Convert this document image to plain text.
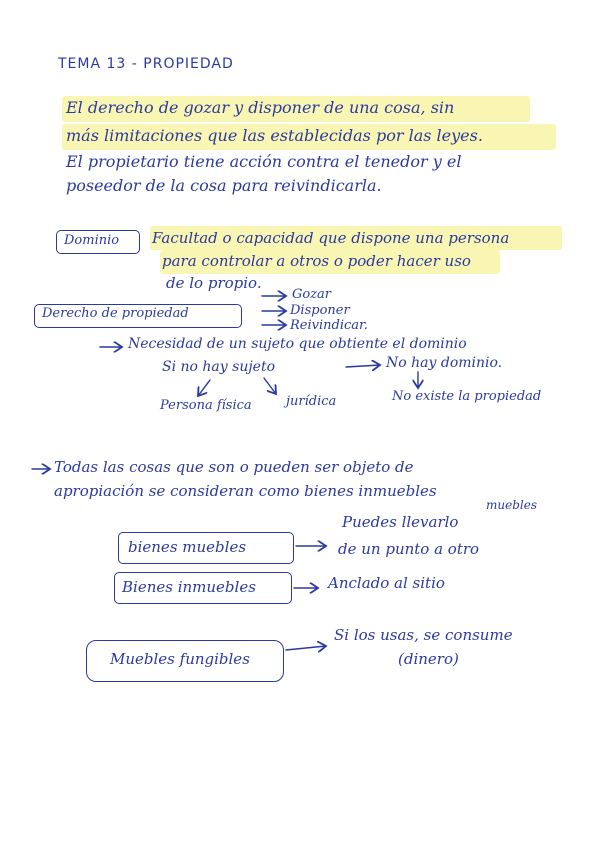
TEMA 13 - PROPIEDAD
El derecho de gozar y disponer de una cosa, sin
más limitaciones que las establecidas por las leyes.
El propietario tiene acción contra el tenedor y el
poseedor de la cosa para reivindicarla.
Dominio Facultad o capacidad que dispone una persona
para controlar a otros o poder hacer uso
de lo propio.
Derecho de propiedad
Gozar
Disponer
Reivindicar.
Necesidad de un sujeto que obtiente el dominio
Si no hay sujeto	No hay dominio.
Persona física	jurídica	No existe la propiedad
Todas las cosas que son o pueden ser objeto de
apropiación se consideran como bienes inmuebles
muebles
bienes muebles
Puedes llevarlo
de un punto a otro
Bienes inmuebles	Anclado al sitio
Muebles fungibles
Si los usas, se consume
(dinero)
